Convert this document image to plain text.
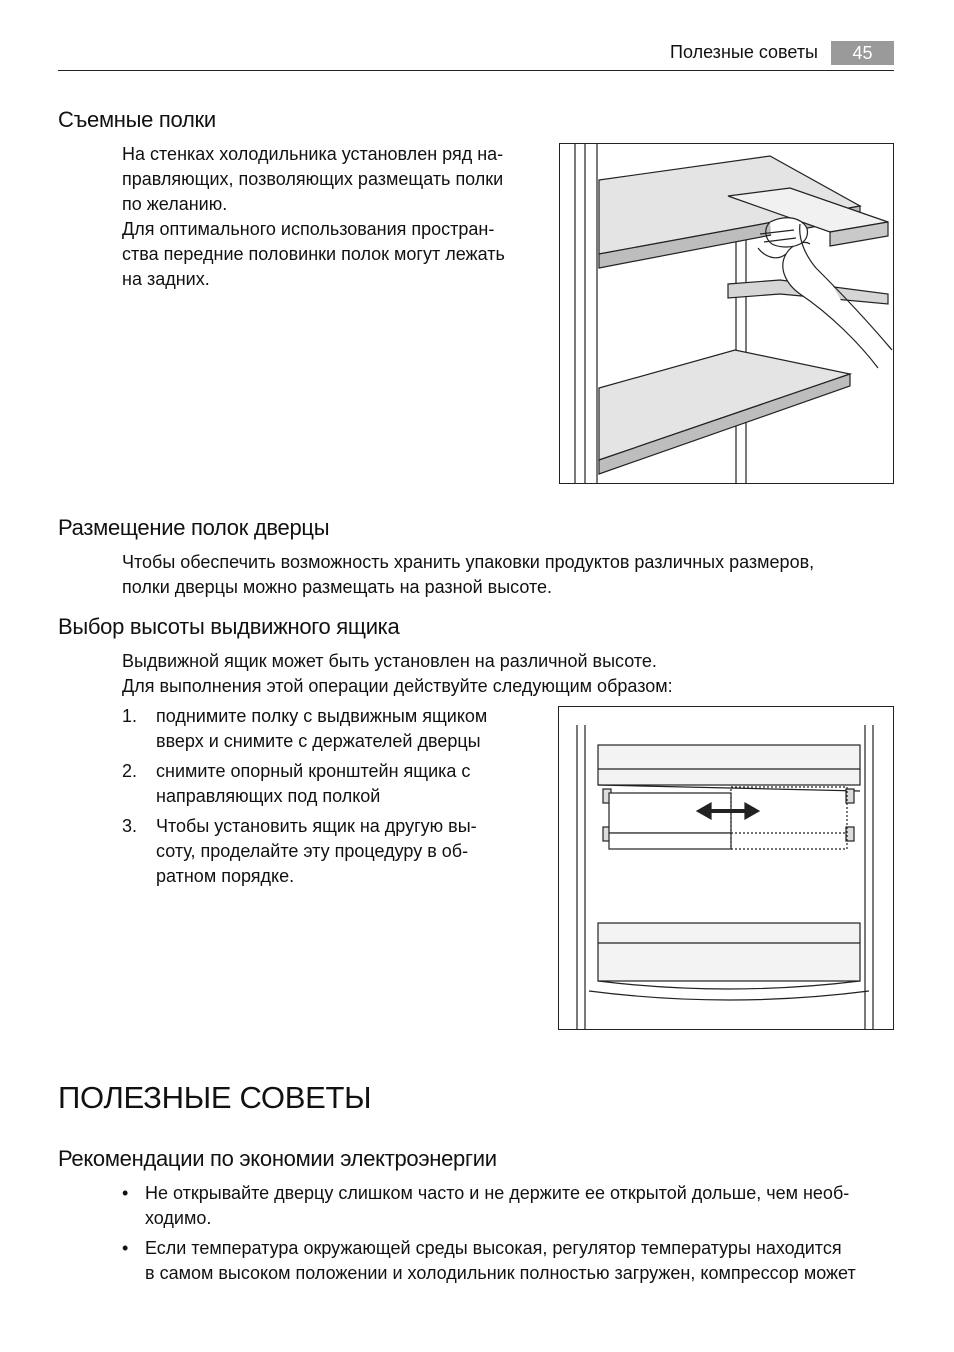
Полезные советы	45
Съемные полки

На стенках холодильника установлен ряд на-

правляющих, позволяющих размещать полки

по желанию.

Для оптимального использования простран-

ства передние половинки полок могут лежать

на задних.

Размещение полок дверцы

Чтобы обеспечить возможность хранить упаковки продуктов различных размеров,

полки дверцы можно размещать на разной высоте.

Выбор высоты выдвижного ящика

Выдвижной ящик может быть установлен на различной высоте.

Для выполнения этой операции действуйте следующим образом:

1. поднимите полку с выдвижным ящиком
вверх и снимите с держателей дверцы
2. снимите опорный кронштейн ящика с
направляющих под полкой
3. Чтобы установить ящик на другую вы-
соту, проделайте эту процедуру в об-
ратном порядке.
ПОЛЕЗНЫЕ СОВЕТЫ
Рекомендации по экономии электроэнергии
• Не открывайте дверцу слишком часто и не держите ее открытой дольше, чем необ-
ходимо.
• Если температура окружающей среды высокая, регулятор температуры находится
в самом высоком положении и холодильник полностью загружен, компрессор может
